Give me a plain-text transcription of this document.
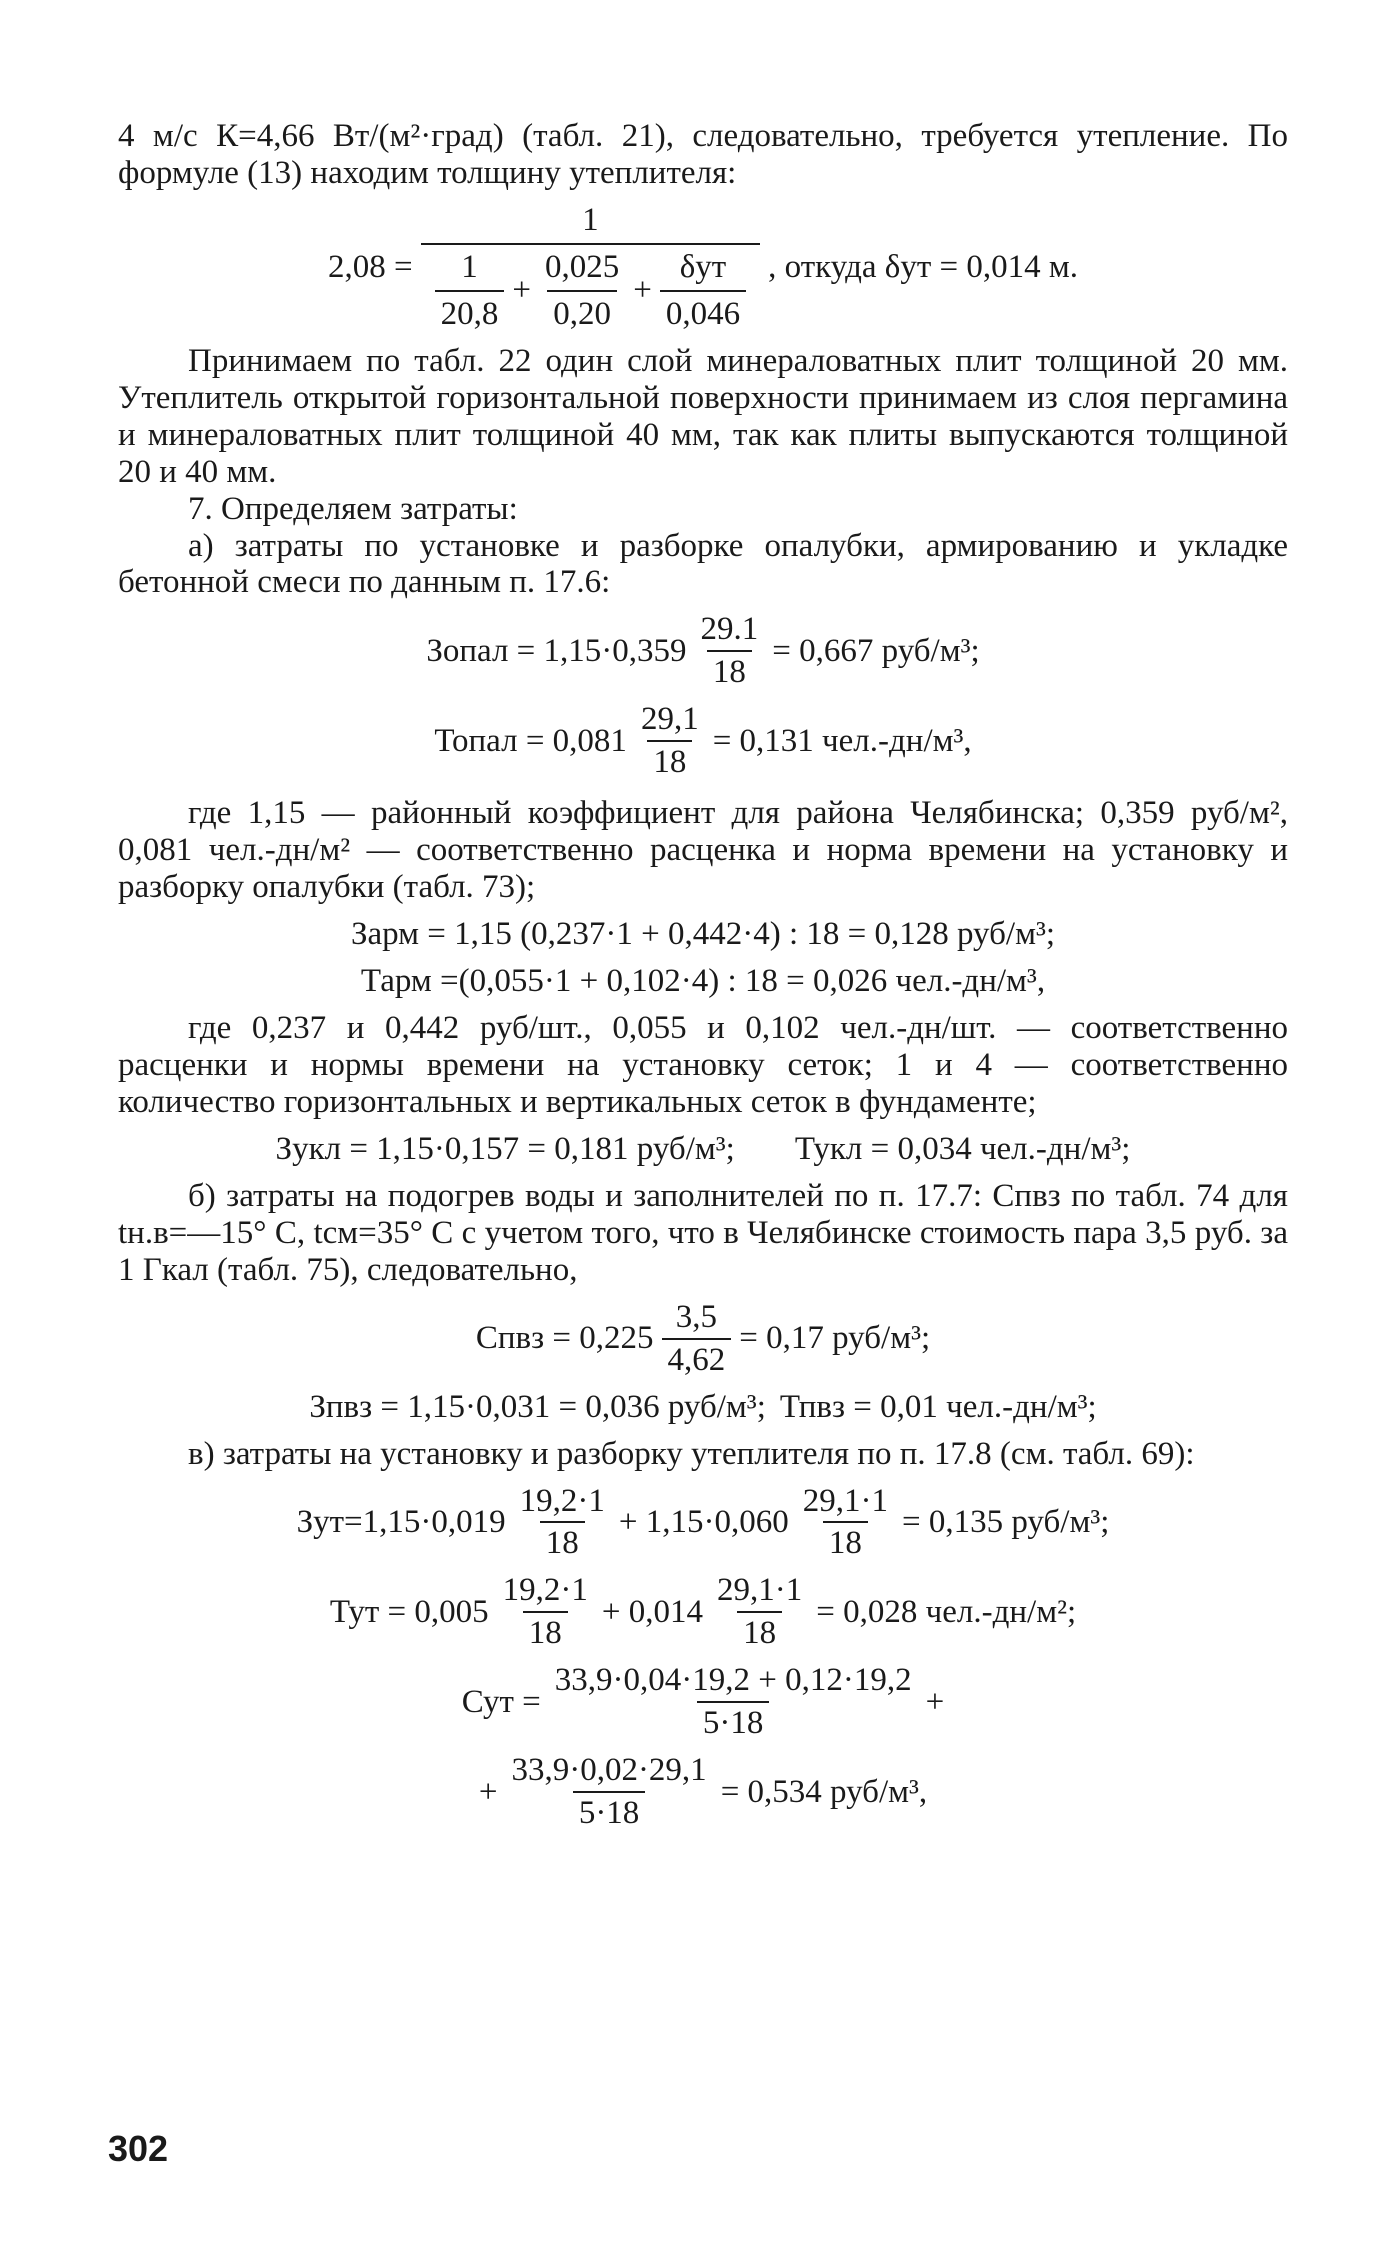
4 м/с К=4,66 Вт/(м²·град) (табл. 21), следовательно, требуется утепление. По формуле (13) находим толщину утеплителя:

2,08 =
1
$\frac{1}{20,8} + \frac{0,025}{0,20} + \frac{\text{δут}}{0,046}$ , откуда δут = 0,014 м.

Принимаем по табл. 22 один слой минераловатных плит толщиной 20 мм. Утеплитель открытой горизонтальной поверхности принимаем из слоя пергамина и минераловатных плит толщиной 40 мм, так как плиты выпускаются толщиной 20 и 40 мм.

7. Определяем затраты:

а) затраты по установке и разборке опалубки, армированию и укладке бетонной смеси по данным п. 17.6:

Зопал = $1,15\cdot 0,359 \frac{29.1}{18} = 0,667$ руб/м³;
Топал = $0,081 \frac{29,1}{18} = 0,131$ чел.-дн/м³,

где 1,15 — районный коэффициент для района Челябинска; 0,359 руб/м², 0,081 чел.-дн/м² — соответственно расценка и норма времени на установку и разборку опалубки (табл. 73);

Зарм = 1,15 (0,237·1 + 0,442·4) : 18 = 0,128 руб/м³;
Тарм =(0,055·1 + 0,102·4) : 18 = 0,026 чел.-дн/м³,

где 0,237 и 0,442 руб/шт., 0,055 и 0,102 чел.-дн/шт. — соответственно расценки и нормы времени на установку сеток; 1 и 4 — соответственно количество горизонтальных и вертикальных сеток в фундаменте;

Зукл = 1,15·0,157 = 0,181 руб/м³; Тукл = 0,034 чел.-дн/м³;

б) затраты на подогрев воды и заполнителей по п. 17.7: Спвз по табл. 74 для tн.в=—15° С, tсм=35° С с учетом того, что в Челябинске стоимость пара 3,5 руб. за 1 Гкал (табл. 75), следовательно,

Спвз = $0,225 \frac{3,5}{4,62} = 0,17$ руб/м³;
Зпвз = 1,15·0,031 = 0,036 руб/м³; Тпвз = 0,01 чел.-дн/м³;

в) затраты на установку и разборку утеплителя по п. 17.8 (см. табл. 69):

$Зут=1,15\cdot 0,019 \frac{19,2\cdot 1}{18} + 1,15\cdot 0,060 \frac{29,1\cdot 1}{18} = 0,135$ руб/м³;
Тут = $0,005 \frac{19,2\cdot 1}{18} + 0,014 \frac{29,1\cdot 1}{18} = 0,028$ чел.-дн/м²;
Сут = $\frac{33,9\cdot 0,04\cdot 19,2 + 0,12\cdot 19,2}{5\cdot 18}$ +
+ $\frac{33,9\cdot 0,02\cdot 29,1}{5\cdot 18} = 0,534$ руб/м³,
302
